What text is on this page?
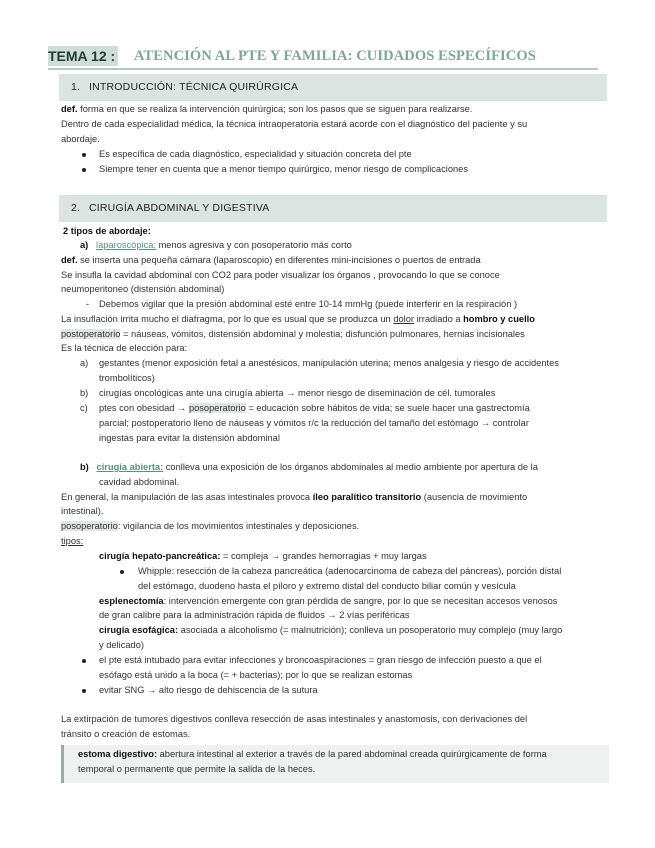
TEMA 12 : ATENCIÓN AL PTE Y FAMILIA: CUIDADOS ESPECÍFICOS
1. INTRODUCCIÓN: TÉCNICA QUIRÚRGICA
def. forma en que se realiza la intervención quirúrgica; son los pasos que se siguen para realizarse.
Dentro de cada especialidad médica, la técnica intraoperatoria estará acorde con el diagnóstico del paciente y su
abordaje.
Es específica de cada diagnóstico, especialidad y situación concreta del pte
Siempre tener en cuenta que a menor tiempo quirúrgico, menor riesgo de complicaciones
2. CIRUGÍA ABDOMINAL Y DIGESTIVA
2 tipos de abordaje:
a) laparoscópica: menos agresiva y con posoperatorio más corto
def. se inserta una pequeña cámara (laparoscopio) en diferentes mini-incisiones o puertos de entrada
Se insufla la cavidad abdominal con CO2 para poder visualizar los órganos , provocando lo que se conoce
neumoperitoneo (distensión abdominal)
- Debemos vigilar que la presión abdominal esté entre 10-14 mmHg (puede interferir en la respiración )
La insuflación irrita mucho el diafragma, por lo que es usual que se produzca un dolor irradiado a hombro y cuello
postoperatorio = náuseas, vómitos, distensión abdominal y molestia; disfunción pulmonares, hernias incisionales
Es la técnica de elección para:
a) gestantes (menor exposición fetal a anestésicos, manipulación uterina; menos analgesia y riesgo de accidentes
trombolíticos)
b) cirugías oncológicas ante una cirugía abierta → menor riesgo de diseminación de cél. tumorales
c) ptes con obesidad → posoperatorio = educación sobre hábitos de vida; se suele hacer una gastrectomía
parcial; postoperatorio lleno de náuseas y vómitos r/c la reducción del tamaño del estómago → controlar
ingestas para evitar la distensión abdominal
b) cirugía abierta: conlleva una exposición de los órganos abdominales al medio ambiente por apertura de la
cavidad abdominal.
En general, la manipulación de las asas intestinales provoca íleo paralítico transitorio (ausencia de movimiento
intestinal).
posoperatorio: vigilancia de los movimientos intestinales y deposiciones.
tipos:
cirugía hepato-pancreática: = compleja → grandes hemorragias + muy largas
Whipple: resección de la cabeza pancreática (adenocarcinoma de cabeza del páncreas), porción distal
del estómago, duodeno hasta el píloro y extremo distal del conducto biliar común y vesícula
esplenectomía: intervención emergente con gran pérdida de sangre, por lo que se necesitan accesos venosos
de gran calibre para la administración rápida de fluidos → 2 vías periféricas
cirugía esofágica: asociada a alcoholismo (= malnutrición); conlleva un posoperatorio muy complejo (muy largo
y delicado)
el pte está intubado para evitar infecciones y broncoaspiraciones = gran riesgo de infección puesto a que el
esófago está unido a la boca (= + bacterias); por lo que se realizan estomas
evitar SNG → alto riesgo de dehiscencia de la sutura
La extirpación de tumores digestivos conlleva resección de asas intestinales y anastomosis, con derivaciones del
tránsito o creación de estomas.
estoma digestivo: abertura intestinal al exterior a través de la pared abdominal creada quirúrgicamente de forma
temporal o permanente que permite la salida de la heces.
